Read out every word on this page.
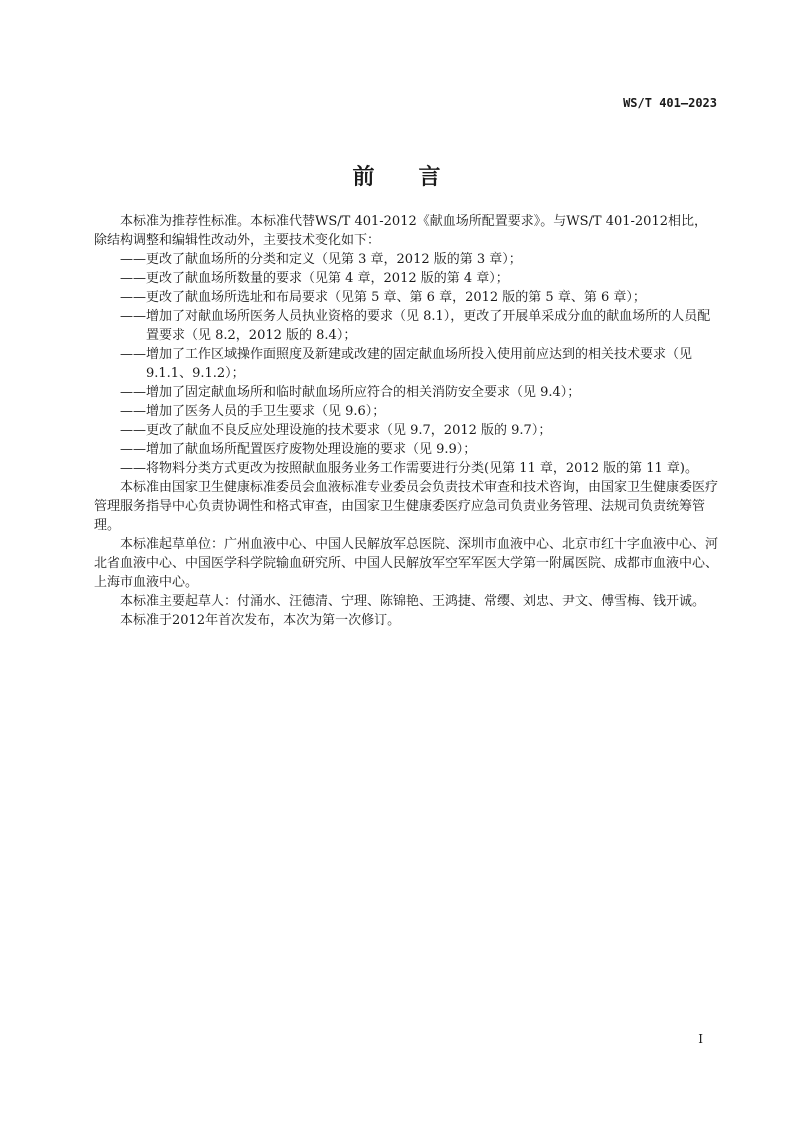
WS/T 401—2023
前言

本标准为推荐性标准。本标准代替WS/T 401-2012《献血场所配置要求》。与WS/T 401-2012相比，除结构调整和编辑性改动外，主要技术变化如下：

——更改了献血场所的分类和定义（见第 3 章，2012 版的第 3 章）；
——更改了献血场所数量的要求（见第 4 章，2012 版的第 4 章）；
——更改了献血场所选址和布局要求（见第 5 章、第 6 章，2012 版的第 5 章、第 6 章）；
——增加了对献血场所医务人员执业资格的要求（见 8.1），更改了开展单采成分血的献血场所的人员配置要求（见 8.2，2012 版的 8.4）；
——增加了工作区域操作面照度及新建或改建的固定献血场所投入使用前应达到的相关技术要求（见 9.1.1、9.1.2）；
——增加了固定献血场所和临时献血场所应符合的相关消防安全要求（见 9.4）；
——增加了医务人员的手卫生要求（见 9.6）；
——更改了献血不良反应处理设施的技术要求（见 9.7，2012 版的 9.7）；
——增加了献血场所配置医疗废物处理设施的要求（见 9.9）；
——将物料分类方式更改为按照献血服务业务工作需要进行分类(见第 11 章，2012 版的第 11 章)。

本标准由国家卫生健康标准委员会血液标准专业委员会负责技术审查和技术咨询，由国家卫生健康委医疗管理服务指导中心负责协调性和格式审查，由国家卫生健康委医疗应急司负责业务管理、法规司负责统筹管理。

本标准起草单位：广州血液中心、中国人民解放军总医院、深圳市血液中心、北京市红十字血液中心、河北省血液中心、中国医学科学院输血研究所、中国人民解放军空军军医大学第一附属医院、成都市血液中心、上海市血液中心。

本标准主要起草人：付涌水、汪德清、宁理、陈锦艳、王鸿捷、常缨、刘忠、尹文、傅雪梅、钱开诚。

本标准于2012年首次发布，本次为第一次修订。

I
